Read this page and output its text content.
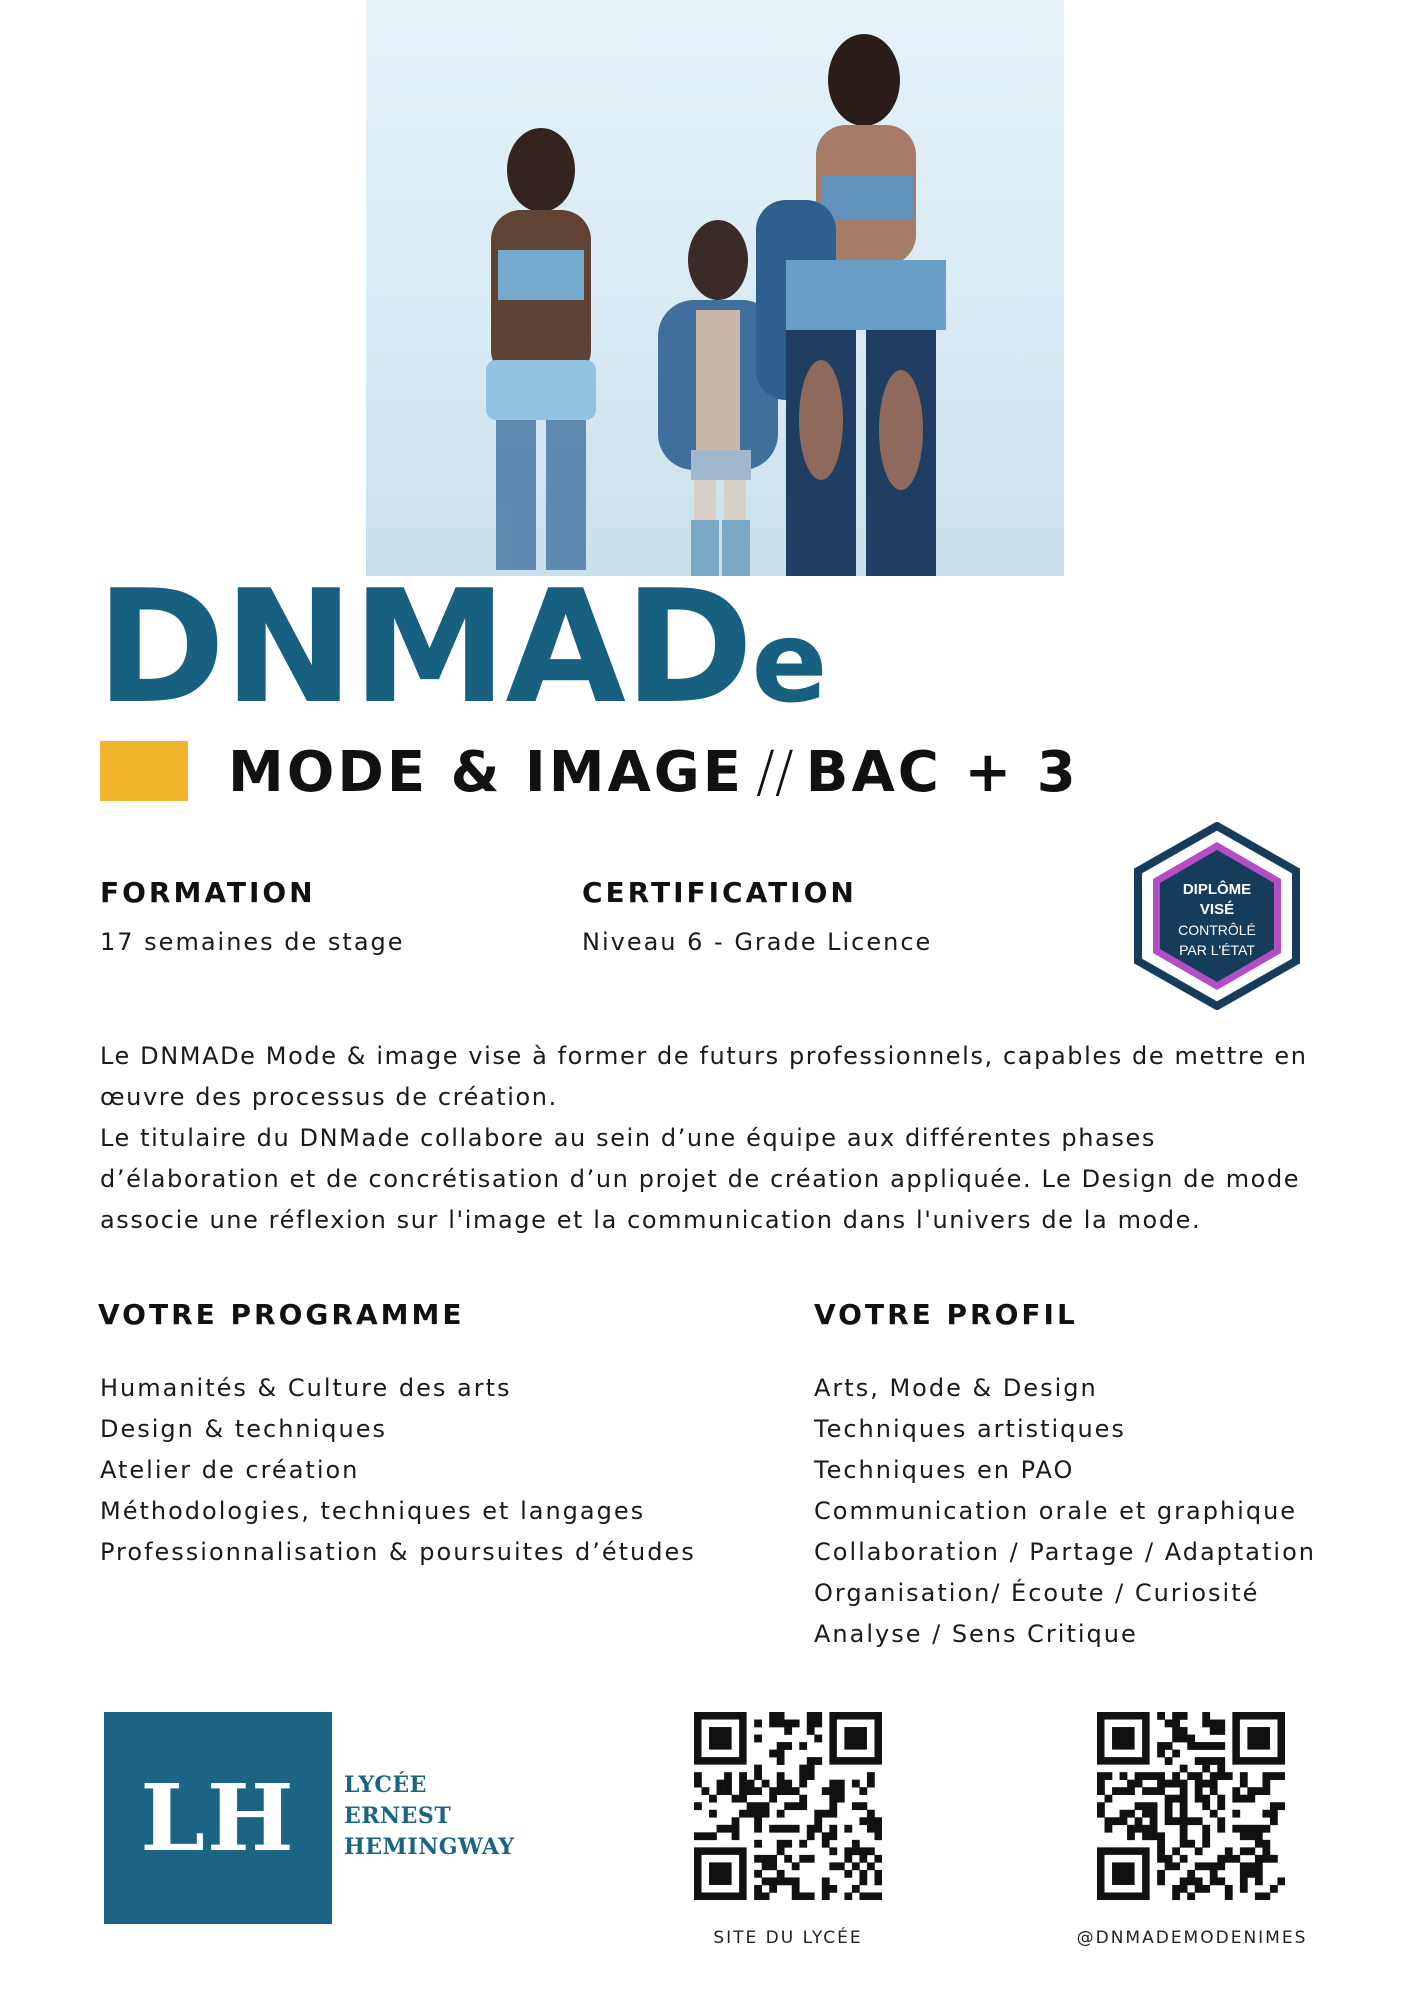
DNMADe
MODE & IMAGE // BAC + 3
FORMATION
17 semaines de stage
CERTIFICATION
Niveau 6 - Grade Licence
DIPLÔME
VISÉ
CONTRÔLÉ
PAR L'ÉTAT

Le DNMADe Mode & image vise à former de futurs professionnels, capables de mettre en œuvre des processus de création.

Le titulaire du DNMade collabore au sein d’une équipe aux différentes phases d’élaboration et de concrétisation d’un projet de création appliquée. Le Design de mode associe une réflexion sur l'image et la communication dans l'univers de la mode.

VOTRE PROGRAMME
Humanités & Culture des arts
Design & techniques
Atelier de création
Méthodologies, techniques et langages
Professionnalisation & poursuites d’études
VOTRE PROFIL
Arts, Mode & Design
Techniques artistiques
Techniques en PAO
Communication orale et graphique
Collaboration / Partage / Adaptation
Organisation/ Écoute / Curiosité
Analyse / Sens Critique
LH LYCÉE
ERNEST
HEMINGWAY
SITE DU LYCÉE	@DNMADEMODENIMES
